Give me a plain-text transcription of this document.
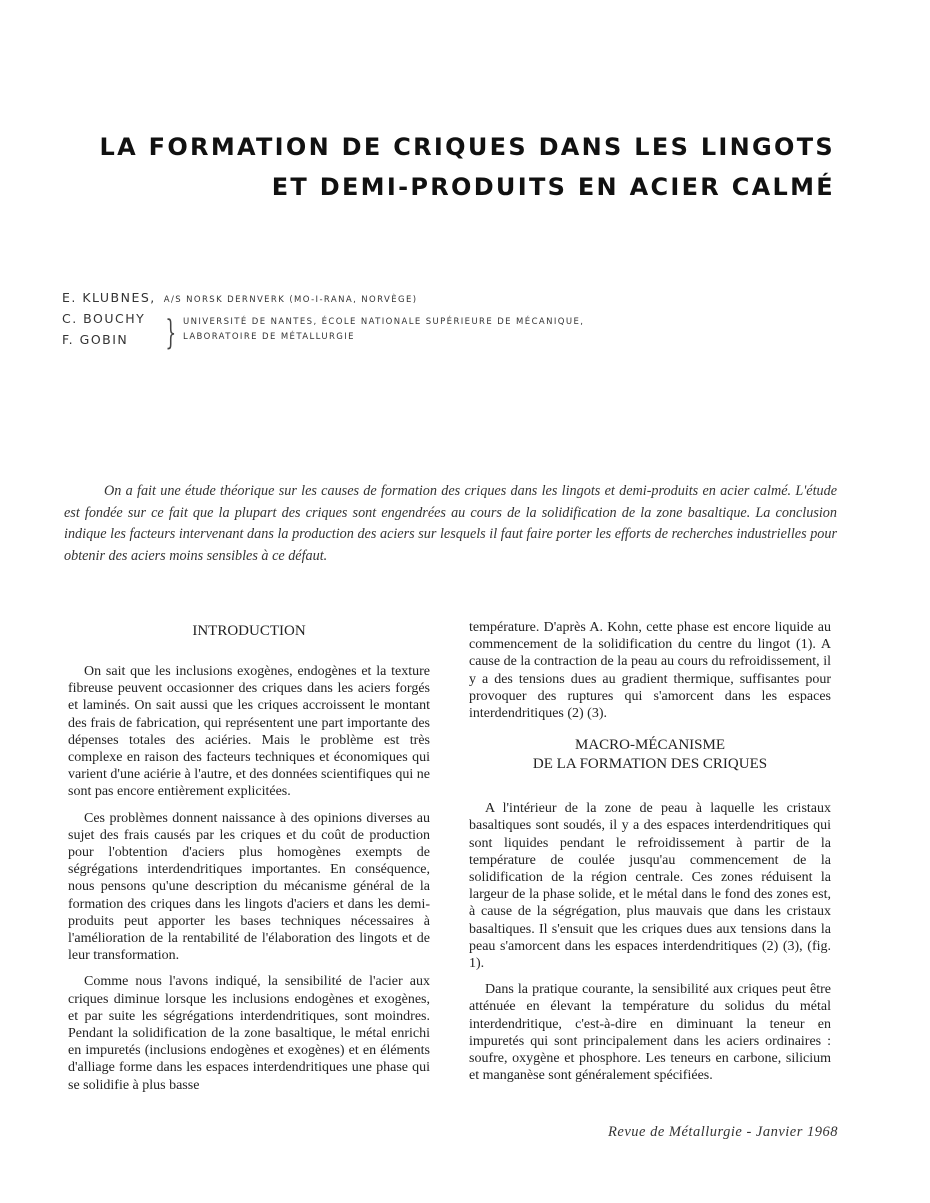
LA FORMATION DE CRIQUES DANS LES LINGOTS
ET DEMI-PRODUITS EN ACIER CALMÉ
E. KLUBNES, A/S NORSK DERNVERK (MO-I-RANA, NORVÈGE)
C. BOUCHY
F. GOBIN	} UNIVERSITÉ DE NANTES, ÉCOLE NATIONALE SUPÉRIEURE DE MÉCANIQUE,
LABORATOIRE DE MÉTALLURGIE

On a fait une étude théorique sur les causes de formation des criques dans les lingots et demi-produits en acier calmé. L'étude est fondée sur ce fait que la plupart des criques sont engendrées au cours de la solidification de la zone basaltique. La conclusion indique les facteurs intervenant dans la production des aciers sur lesquels il faut faire porter les efforts de recherches industrielles pour obtenir des aciers moins sensibles à ce défaut.

INTRODUCTION

On sait que les inclusions exogènes, endogènes et la texture fibreuse peuvent occasionner des criques dans les aciers forgés et laminés. On sait aussi que les criques accroissent le montant des frais de fabrication, qui représentent une part importante des dépenses totales des aciéries. Mais le problème est très complexe en raison des facteurs techniques et économiques qui varient d'une aciérie à l'autre, et des données scientifiques qui ne sont pas encore entièrement explicitées.

Ces problèmes donnent naissance à des opinions diverses au sujet des frais causés par les criques et du coût de production pour l'obtention d'aciers plus homogènes exempts de ségrégations interdendritiques importantes. En conséquence, nous pensons qu'une description du mécanisme général de la formation des criques dans les lingots d'aciers et dans les demi-produits peut apporter les bases techniques nécessaires à l'amélioration de la rentabilité de l'élaboration des lingots et de leur transformation.

Comme nous l'avons indiqué, la sensibilité de l'acier aux criques diminue lorsque les inclusions endogènes et exogènes, et par suite les ségrégations interdendritiques, sont moindres. Pendant la solidification de la zone basaltique, le métal enrichi en impuretés (inclusions endogènes et exogènes) et en éléments d'alliage forme dans les espaces interdendritiques une phase qui se solidifie à plus basse

température. D'après A. Kohn, cette phase est encore liquide au commencement de la solidification du centre du lingot (1). A cause de la contraction de la peau au cours du refroidissement, il y a des tensions dues au gradient thermique, suffisantes pour provoquer des ruptures qui s'amorcent dans les espaces interdendritiques (2) (3).

MACRO-MÉCANISME
DE LA FORMATION DES CRIQUES

A l'intérieur de la zone de peau à laquelle les cristaux basaltiques sont soudés, il y a des espaces interdendritiques qui sont liquides pendant le refroidissement à partir de la température de coulée jusqu'au commencement de la solidification de la région centrale. Ces zones réduisent la largeur de la phase solide, et le métal dans le fond des zones est, à cause de la ségrégation, plus mauvais que dans les cristaux basaltiques. Il s'ensuit que les criques dues aux tensions dans la peau s'amorcent dans les espaces interdendritiques (2) (3), (fig. 1).

Dans la pratique courante, la sensibilité aux criques peut être atténuée en élevant la température du solidus du métal interdendritique, c'est-à-dire en diminuant la teneur en impuretés qui sont principalement dans les aciers ordinaires : soufre, oxygène et phosphore. Les teneurs en carbone, silicium et manganèse sont généralement spécifiées.

Revue de Métallurgie - Janvier 1968
